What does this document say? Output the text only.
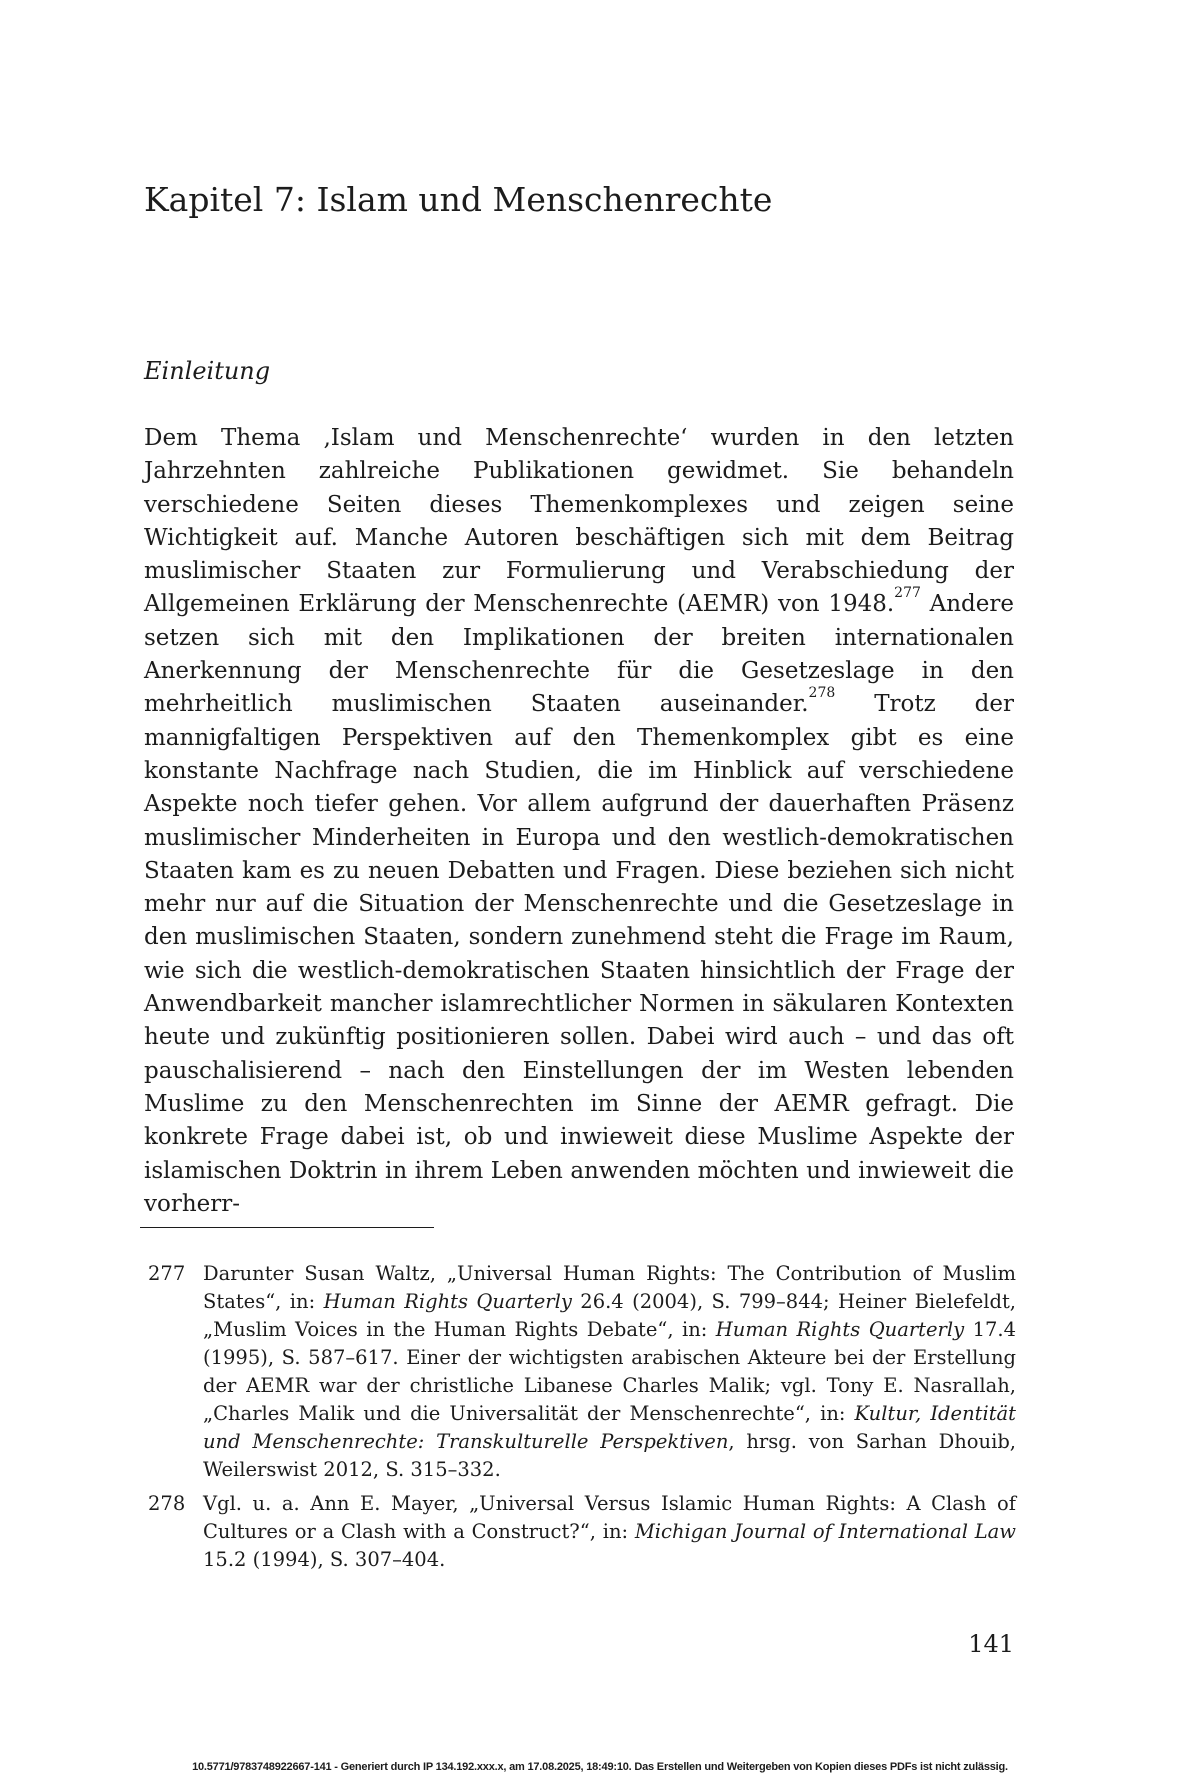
Kapitel 7: Islam und Menschenrechte
Einleitung

Dem Thema ‚Islam und Menschenrechte‘ wurden in den letzten Jahrzehnten zahlreiche Publikationen gewidmet. Sie behandeln verschiedene Seiten dieses Themenkomplexes und zeigen seine Wichtigkeit auf. Manche Autoren beschäftigen sich mit dem Beitrag muslimischer Staaten zur Formulierung und Verabschiedung der Allgemeinen Erklärung der Menschenrechte (AEMR) von 1948.$^{277}$ Andere setzen sich mit den Implikationen der breiten internationalen Anerkennung der Menschenrechte für die Gesetzeslage in den mehrheitlich muslimischen Staaten auseinander.$^{278}$ Trotz der mannigfaltigen Perspektiven auf den Themenkomplex gibt es eine konstante Nachfrage nach Studien, die im Hinblick auf verschiedene Aspekte noch tiefer gehen. Vor allem aufgrund der dauerhaften Präsenz muslimischer Minderheiten in Europa und den westlich-demokratischen Staaten kam es zu neuen Debatten und Fragen. Diese beziehen sich nicht mehr nur auf die Situation der Menschenrechte und die Gesetzeslage in den muslimischen Staaten, sondern zunehmend steht die Frage im Raum, wie sich die westlich-demokratischen Staaten hinsichtlich der Frage der Anwendbarkeit mancher islamrechtlicher Normen in säkularen Kontexten heute und zukünftig positionieren sollen. Dabei wird auch – und das oft pauschalisierend – nach den Einstellungen der im Westen lebenden Muslime zu den Menschenrechten im Sinne der AEMR gefragt. Die konkrete Frage dabei ist, ob und inwieweit diese Muslime Aspekte der islamischen Doktrin in ihrem Leben anwenden möchten und inwieweit die vorherr-

277 Darunter Susan Waltz, „Universal Human Rights: The Contribution of Muslim States“, in: Human Rights Quarterly 26.4 (2004), S. 799–844; Heiner Bielefeldt, „Muslim Voices in the Human Rights Debate“, in: Human Rights Quarterly 17.4 (1995), S. 587–617. Einer der wichtigsten arabischen Akteure bei der Erstellung der AEMR war der christliche Libanese Charles Malik; vgl. Tony E. Nasrallah, „Charles Malik und die Universalität der Menschenrechte“, in: Kultur, Identität und Menschenrechte: Transkulturelle Perspektiven, hrsg. von Sarhan Dhouib, Weilerswist 2012, S. 315–332.
278 Vgl. u. a. Ann E. Mayer, „Universal Versus Islamic Human Rights: A Clash of Cultures or a Clash with a Construct?“, in: Michigan Journal of International Law 15.2 (1994), S. 307–404.

141

10.5771/9783748922667-141 - Generiert durch IP 134.192.xxx.x, am 17.08.2025, 18:49:10. Das Erstellen und Weitergeben von Kopien dieses PDFs ist nicht zulässig.
